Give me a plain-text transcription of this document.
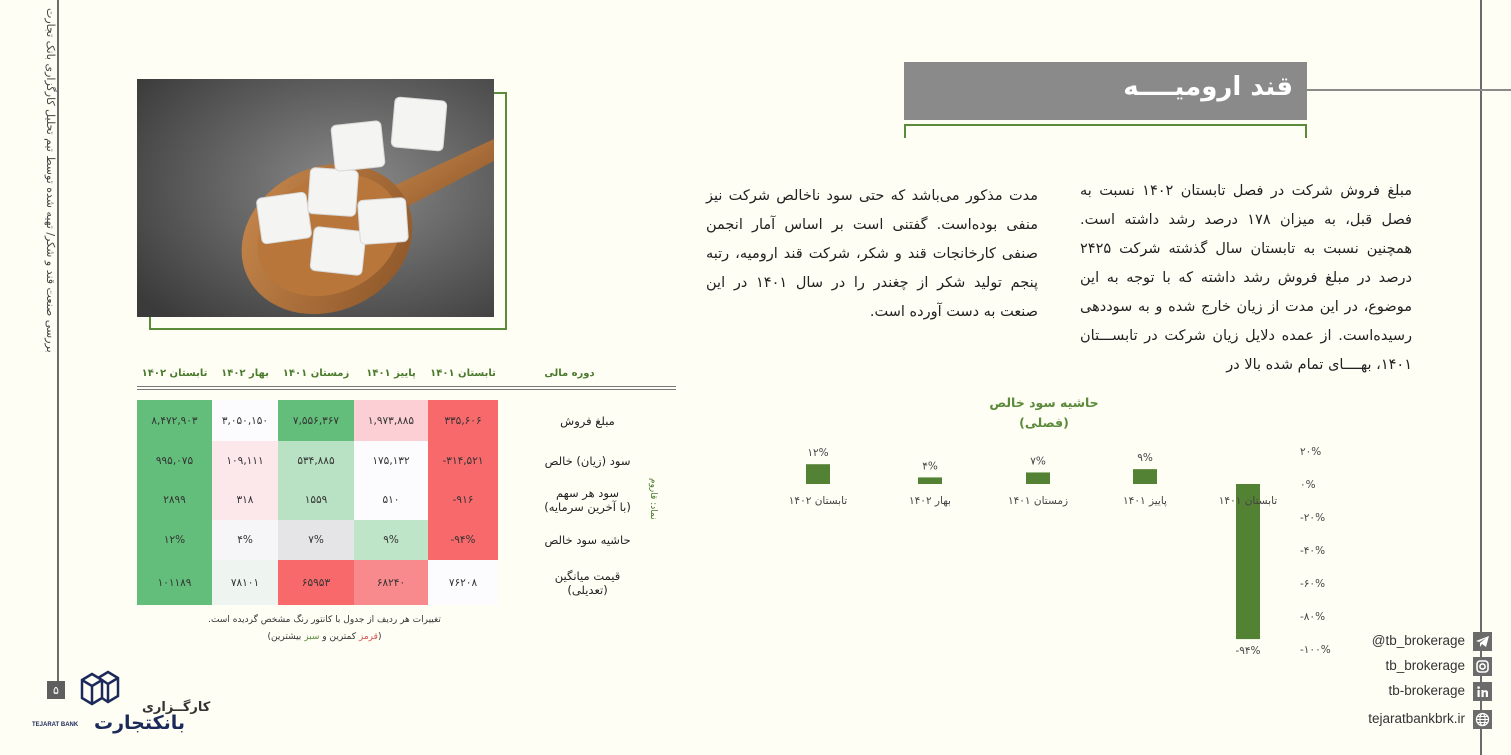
بررسی صنعت قند و شکر/ تهیه شده توسط تیم تحلیل کارگزاری بانک تجارت
۵
کارگــزاری
بانکتجارت
TEJARAT BANK
قند ارومیــــه
مبلغ فروش شرکت در فصل تابستان ۱۴۰۲ نسبت به فصل قبل، به میزان ۱۷۸ درصد رشد داشته است. همچنین نسبت به تابستان سال گذشته شرکت ۲۴۲۵ درصد در مبلغ فروش رشد داشته که با توجه به این موضوع، در این مدت از زیان خارج شده و به سوددهی رسیده‌است. از عمده دلایل زیان شرکت در تابســـتان ۱۴۰۱، بهــــای تمام شده بالا در
مدت مذکور می‌باشد که حتی سود ناخالص شرکت نیز منفی بوده‌است. گفتنی است بر اساس آمار انجمن صنفی کارخانجات قند و شکر، شرکت قند ارومیه، رتبه پنجم تولید شکر از چغندر را در سال ۱۴۰۱ در این صنعت به دست آورده است.
دوره مالی
تابستان ۱۴۰۲	بهار ۱۴۰۲	زمستان ۱۴۰۱	پاییز ۱۴۰۱	تابستان ۱۴۰۱
مبلغ فروش
۸,۴۷۲,۹۰۳	۳,۰۵۰,۱۵۰	۷,۵۵۶,۳۶۷	۱,۹۷۳,۸۸۵	۳۳۵,۶۰۶
سود (زیان) خالص
۹۹۵,۰۷۵	۱۰۹,۱۱۱	۵۳۴,۸۸۵	۱۷۵,۱۳۲	-۳۱۴,۵۲۱
سود هر سهم
(با آخرین سرمایه)
۲۸۹۹	۳۱۸	۱۵۵۹	۵۱۰	-۹۱۶
حاشیه سود خالص
۱۲%	۴%	۷%	۹%	-۹۴%
قیمت میانگین
(تعدیلی)
۱۰۱۱۸۹	۷۸۱۰۱	۶۵۹۵۳	۶۸۲۴۰	۷۶۲۰۸
نماد: قاروم
تغییرات هر ردیف از جدول با کانتور رنگ مشخص گردیده است.
(قرمز کمترین و سبز بیشترین)
حاشیه سود خالص
(فصلی)
۲۰%
۰%
-۲۰%
-۴۰%
-۶۰%
-۸۰%
-۱۰۰%
۱۲%
تابستان ۱۴۰۲
۴%
بهار ۱۴۰۲
۷%
زمستان ۱۴۰۱
۹%
پاییز ۱۴۰۱
-۹۴%
تابستان ۱۴۰۱
@tb_brokerage
tb_brokerage
tb-brokerage
tejaratbankbrk.ir
